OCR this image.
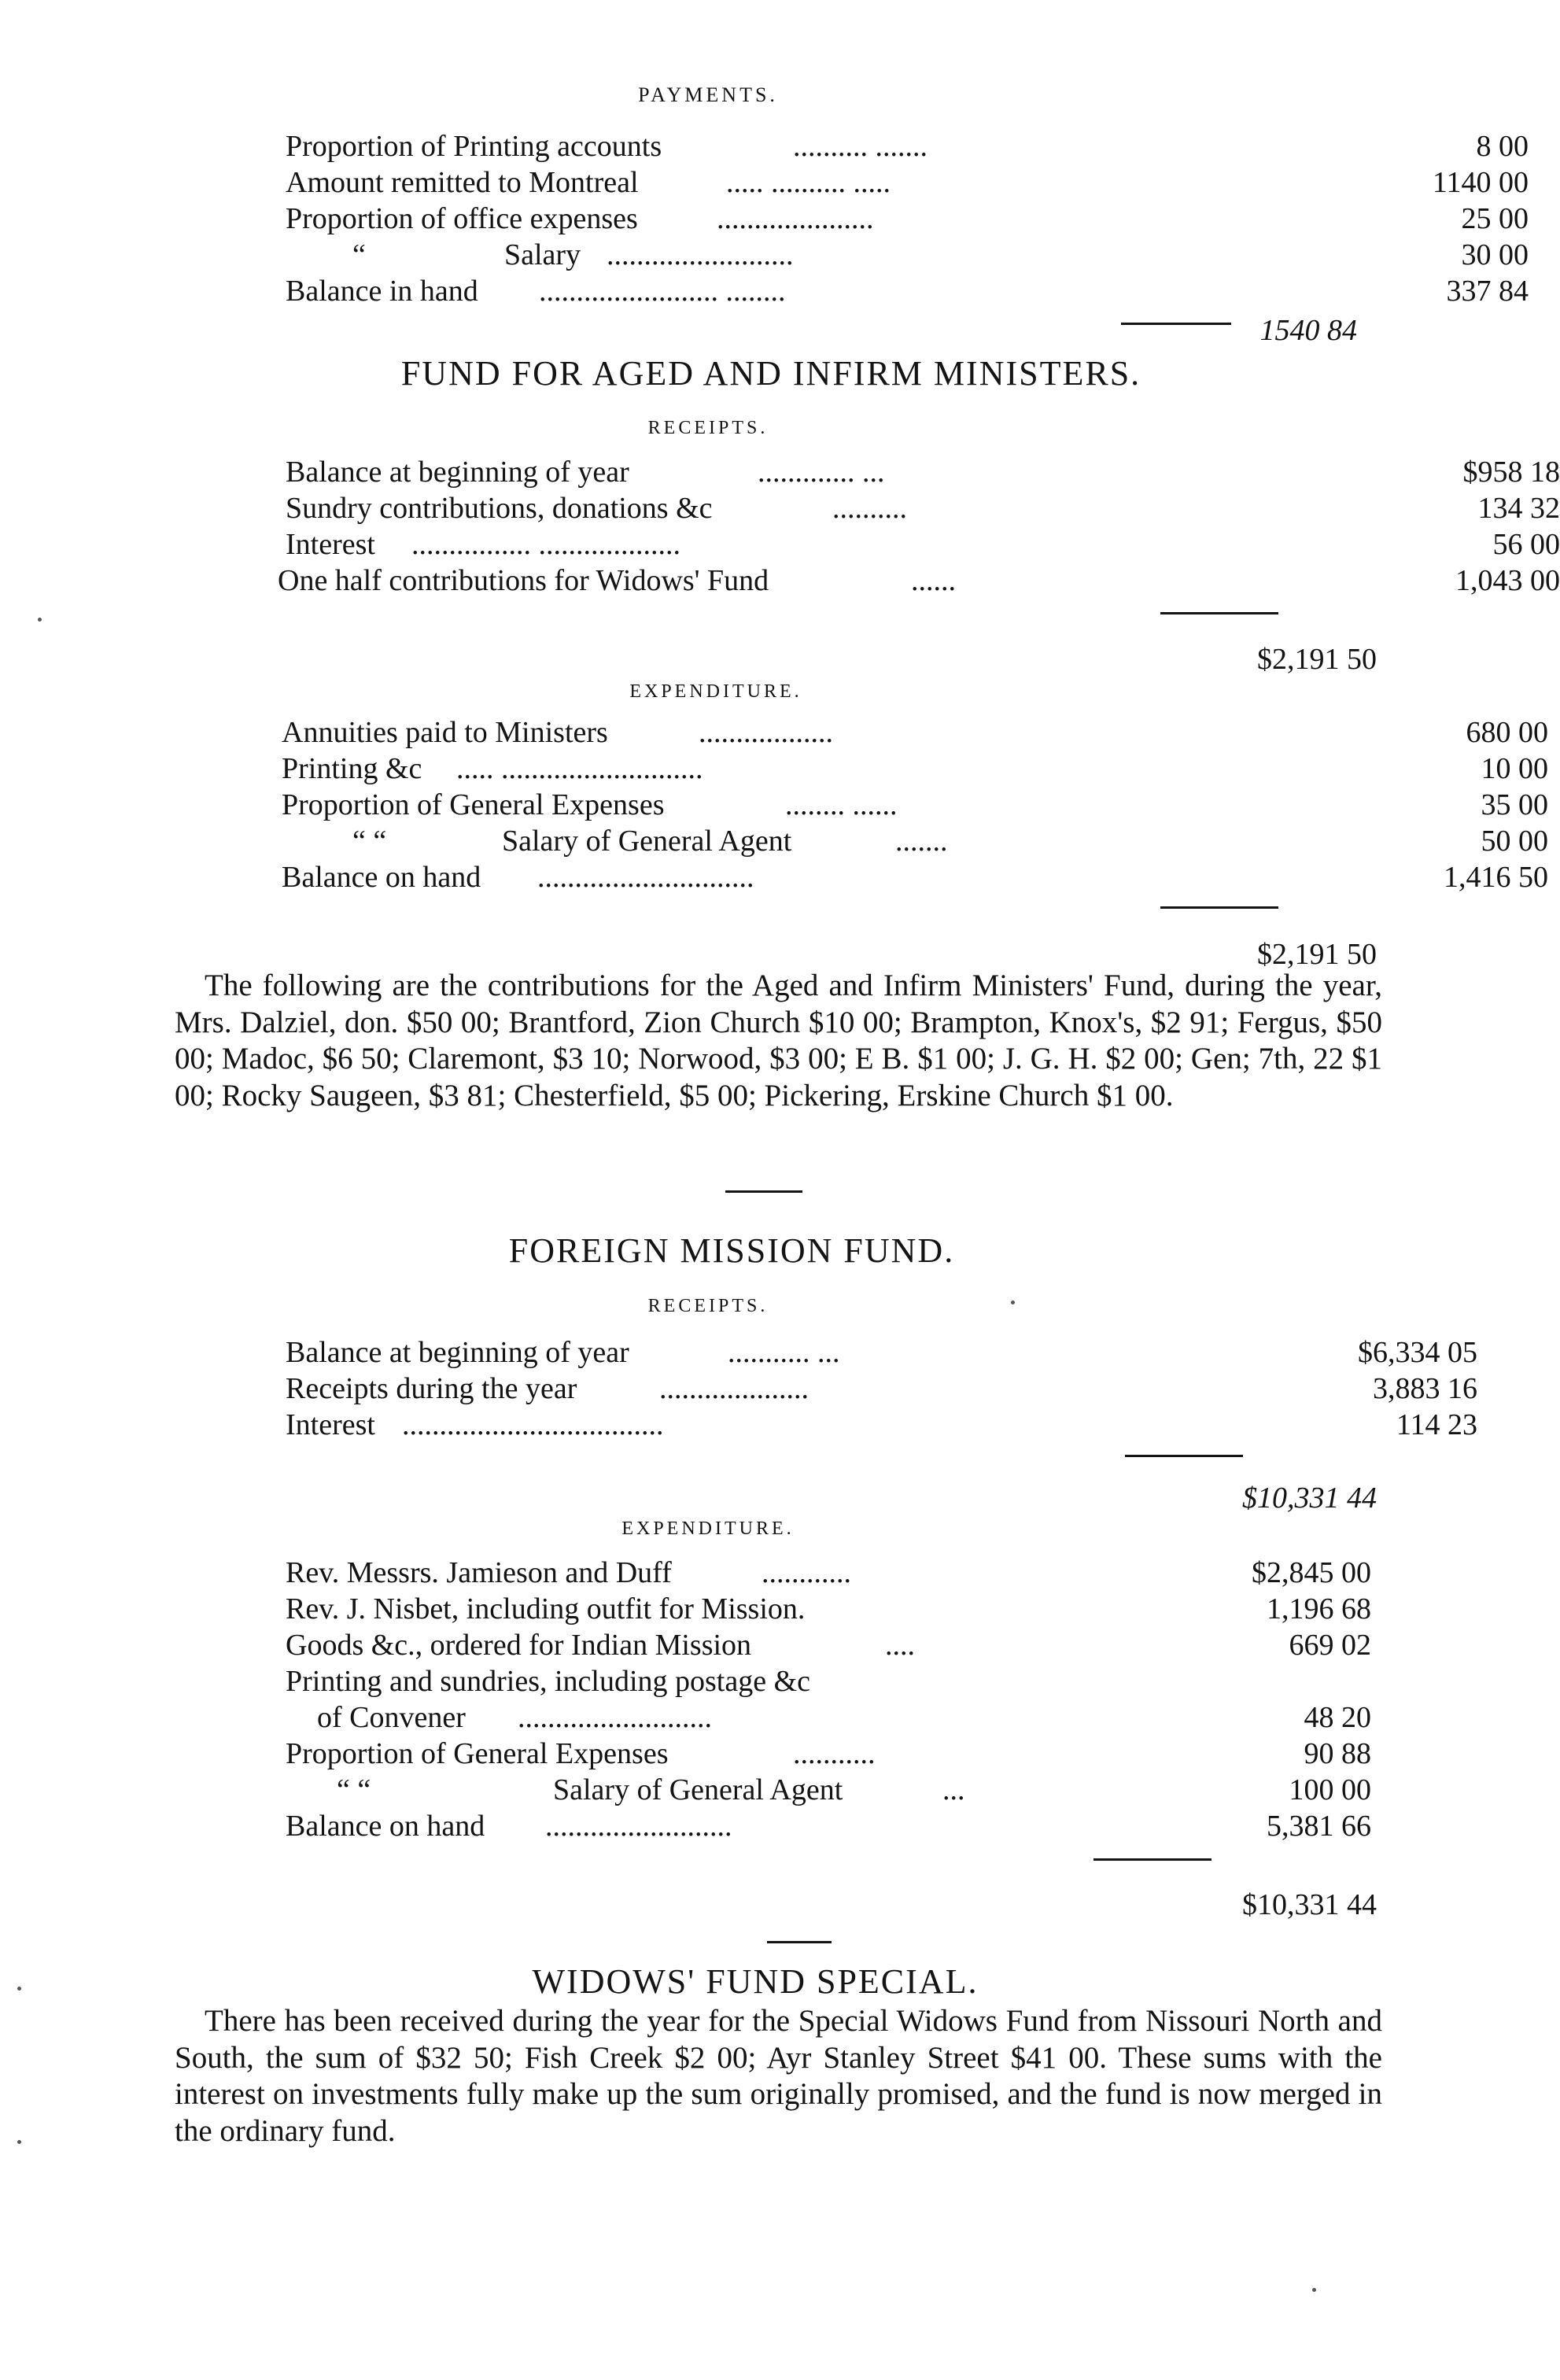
PAYMENTS.
Proportion of Printing accounts	.......... .......	8 00
Amount remitted to Montreal	..... .......... .....	1140 00
Proportion of office expenses	.....................	25 00
“	Salary .........................	30 00
Balance in hand ........................ ........	337 84
1540 84
FUND FOR AGED AND INFIRM MINISTERS.
RECEIPTS.
Balance at beginning of year	............. ...	$958 18
Sundry contributions, donations &c	..........	134 32
Interest ................ ...................	56 00
One half contributions for Widows' Fund	......	1,043 00
$2,191 50
EXPENDITURE.
Annuities paid to Ministers	..................	680 00
Printing &c ..... ...........................	10 00
Proportion of General Expenses	........ ......	35 00
“ “	Salary of General Agent	.......	50 00
Balance on hand .............................	1,416 50
$2,191 50
The following are the contributions for the Aged and Infirm Ministers' Fund, during the year, Mrs. Dalziel, don. $50 00; Brantford, Zion Church $10 00; Brampton, Knox's, $2 91; Fergus, $50 00; Madoc, $6 50; Claremont, $3 10; Norwood, $3 00; E B. $1 00; J. G. H. $2 00; Gen; 7th, 22 $1 00; Rocky Saugeen, $3 81; Chesterfield, $5 00; Pickering, Erskine Church $1 00.
FOREIGN MISSION FUND.
RECEIPTS.
Balance at beginning of year	........... ...	$6,334 05
Receipts during the year	....................	3,883 16
Interest ...................................	114 23
$10,331 44
EXPENDITURE.
Rev. Messrs. Jamieson and Duff	............	$2,845 00
Rev. J. Nisbet, including outfit for Mission.	1,196 68
Goods &c., ordered for Indian Mission	....	669 02
Printing and sundries, including postage &c
of Convener ..........................	48 20
Proportion of General Expenses	...........	90 88
“ “	Salary of General Agent	...	100 00
Balance on hand .........................	5,381 66
$10,331 44
WIDOWS' FUND SPECIAL.
There has been received during the year for the Special Widows Fund from Nissouri North and South, the sum of $32 50; Fish Creek $2 00; Ayr Stanley Street $41 00. These sums with the interest on investments fully make up the sum originally promised, and the fund is now merged in the ordinary fund.
